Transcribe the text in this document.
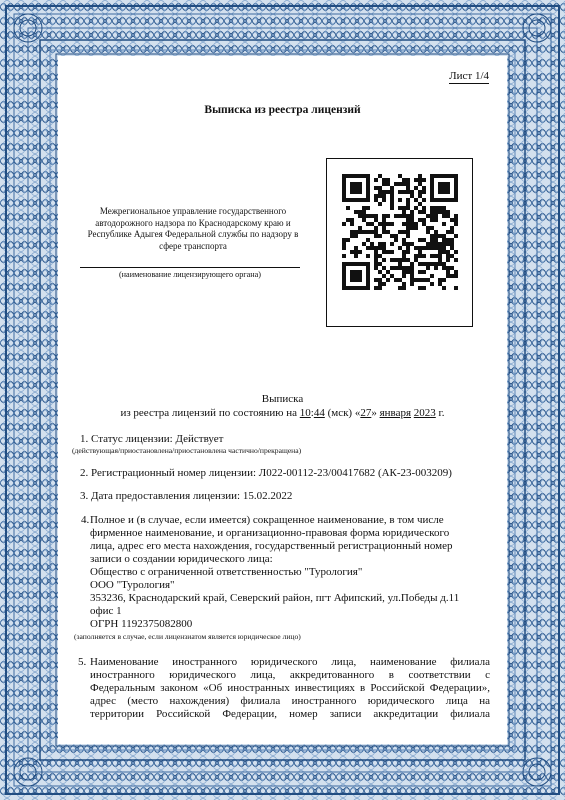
Лист 1/4
Выписка из реестра лицензий
Межрегиональное управление государственного автодорожного надзора по Краснодарскому краю и Республике Адыгея Федеральной службы по надзору в сфере транспорта
(наименование лицензирующего органа)
Выписка
из реестра лицензий по состоянию на 10:44 (мск) «27» января 2023 г.
1. Статус лицензии: Действует
(действующая/приостановлена/приостановлена частично/прекращена)
2. Регистрационный номер лицензии: Л022-00112-23/00417682 (АК-23-003209)
3. Дата предоставления лицензии: 15.02.2022
4. Полное и (в случае, если имеется) сокращенное наименование, в том числе
фирменное наименование, и организационно-правовая форма юридического
лица, адрес его места нахождения, государственный регистрационный номер
записи о создании юридического лица:
Общество с ограниченной ответственностью "Турология"
ООО "Турология"
353236, Краснодарский край, Северский район, пгт Афипский, ул.Победы д.11
офис 1
ОГРН 1192375082800
(заполняется в случае, если лицензиатом является юридическое лицо)
5. Наименование иностранного юридического лица, наименование филиала
иностранного юридического лица, аккредитованного в соответствии с
Федеральным законом «Об иностранных инвестициях в Российской Федерации»,
адрес (место нахождения) филиала иностранного юридического лица на
территории Российской Федерации, номер записи аккредитации филиала
